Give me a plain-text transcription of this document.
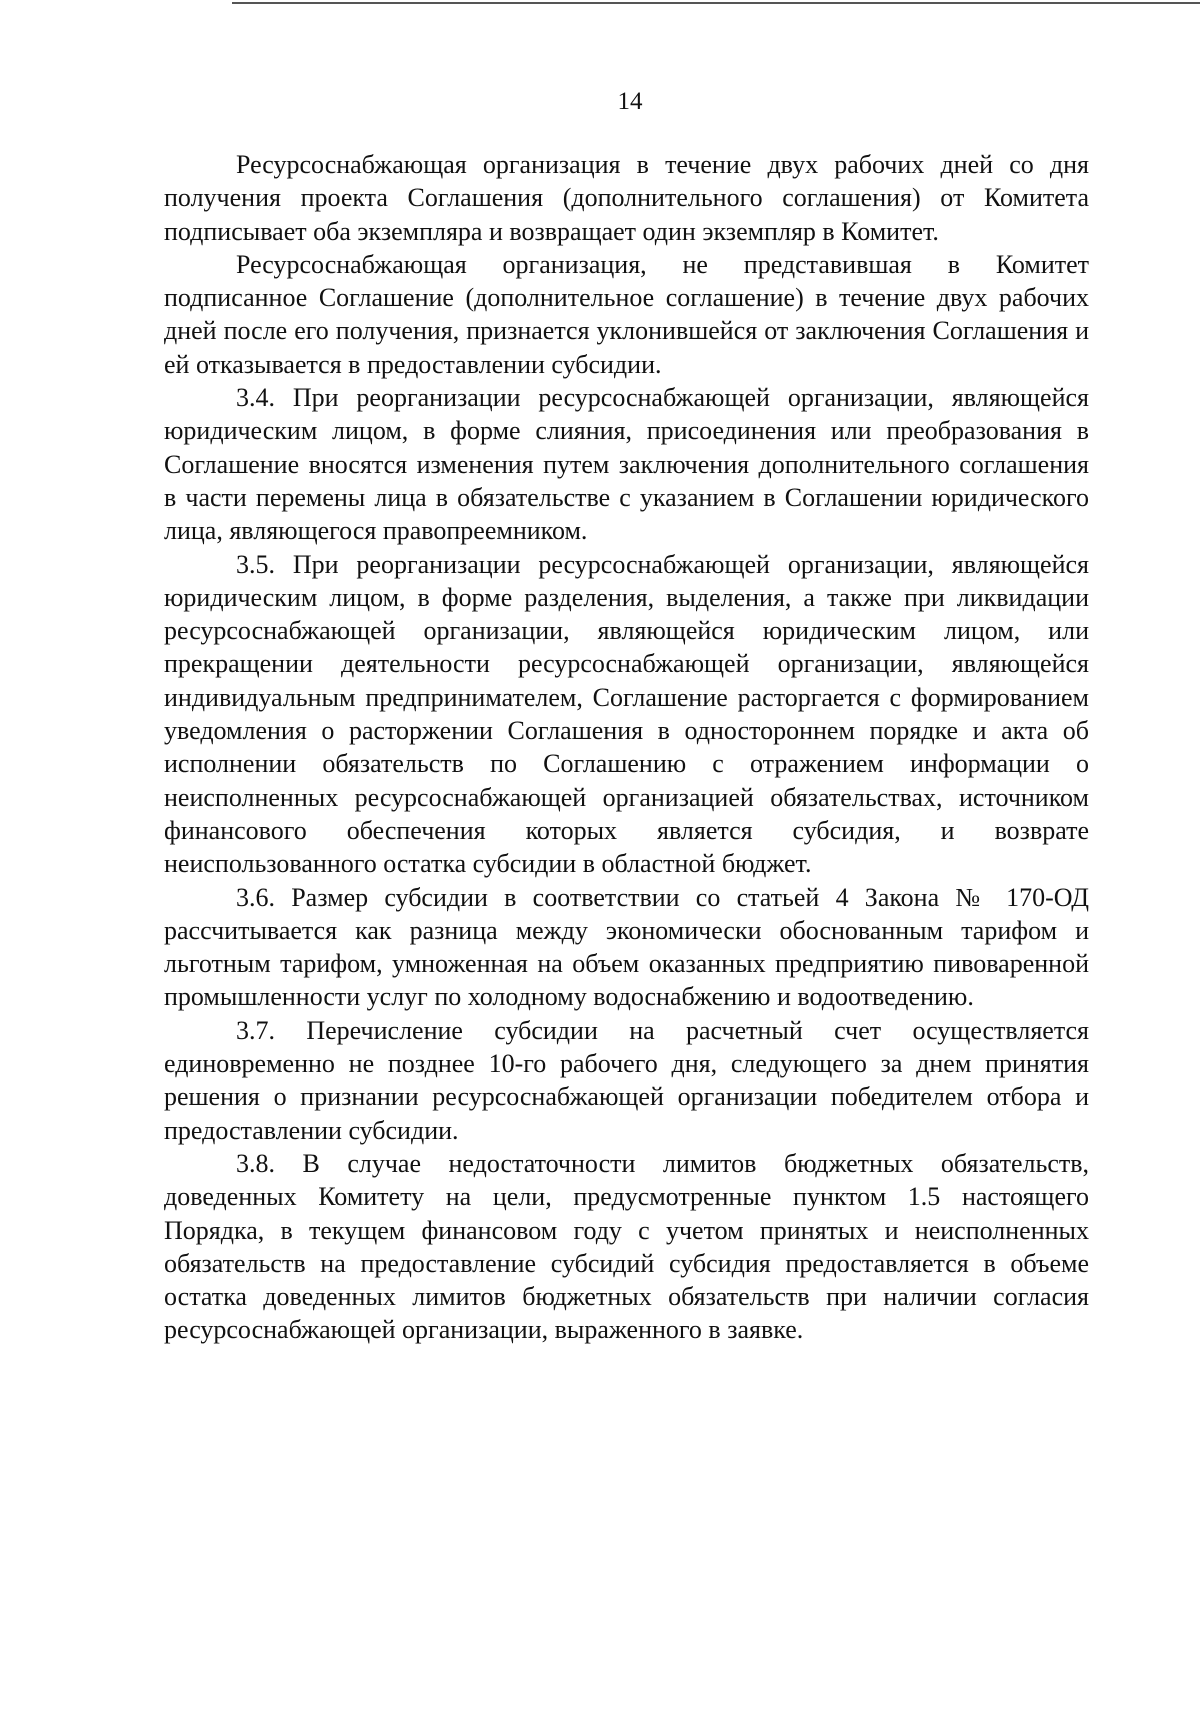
14

Ресурсоснабжающая организация в течение двух рабочих дней со дня получения проекта Соглашения (дополнительного соглашения) от Комитета подписывает оба экземпляра и возвращает один экземпляр в Комитет.

Ресурсоснабжающая организация, не представившая в Комитет подписанное Соглашение (дополнительное соглашение) в течение двух рабочих дней после его получения, признается уклонившейся от заключения Соглашения и ей отказывается в предоставлении субсидии.

3.4. При реорганизации ресурсоснабжающей организации, являющейся юридическим лицом, в форме слияния, присоединения или преобразования в Соглашение вносятся изменения путем заключения дополнительного соглашения в части перемены лица в обязательстве с указанием в Соглашении юридического лица, являющегося правопреемником.

3.5. При реорганизации ресурсоснабжающей организации, являющейся юридическим лицом, в форме разделения, выделения, а также при ликвидации ресурсоснабжающей организации, являющейся юридическим лицом, или прекращении деятельности ресурсоснабжающей организации, являющейся индивидуальным предпринимателем, Соглашение расторгается с формированием уведомления о расторжении Соглашения в одностороннем порядке и акта об исполнении обязательств по Соглашению с отражением информации о неисполненных ресурсоснабжающей организацией обязательствах, источником финансового обеспечения которых является субсидия, и возврате неиспользованного остатка субсидии в областной бюджет.

3.6. Размер субсидии в соответствии со статьей 4 Закона № 170-ОД рассчитывается как разница между экономически обоснованным тарифом и льготным тарифом, умноженная на объем оказанных предприятию пивоваренной промышленности услуг по холодному водоснабжению и водоотведению.

3.7. Перечисление субсидии на расчетный счет осуществляется единовременно не позднее 10-го рабочего дня, следующего за днем принятия решения о признании ресурсоснабжающей организации победителем отбора и предоставлении субсидии.

3.8. В случае недостаточности лимитов бюджетных обязательств, доведенных Комитету на цели, предусмотренные пунктом 1.5 настоящего Порядка, в текущем финансовом году с учетом принятых и неисполненных обязательств на предоставление субсидий субсидия предоставляется в объеме остатка доведенных лимитов бюджетных обязательств при наличии согласия ресурсоснабжающей организации, выраженного в заявке.
